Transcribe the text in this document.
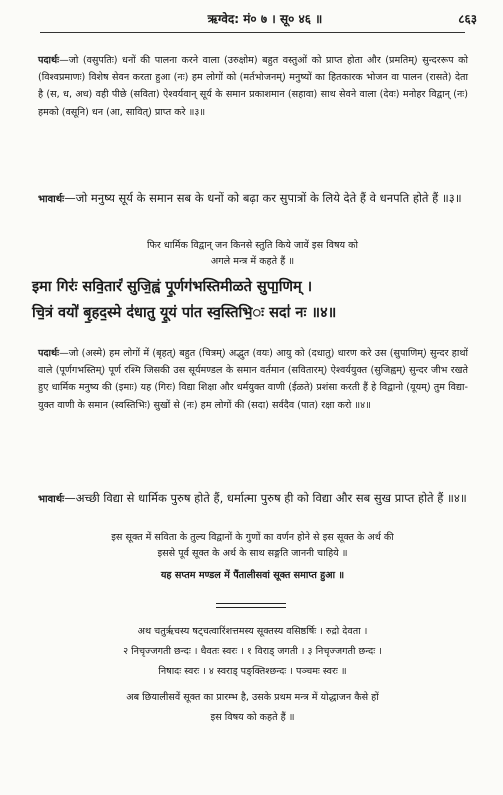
ऋग्वेद: मं० ७ । सू० ४६ ॥	८६३
पदार्थः—जो (वसुपतिः) धनों की पालना करने वाला (उरुक्षोम) बहुत वस्तुओं को प्राप्त होता और (प्रमतिम्) सुन्दररूप को (विश्वप्रमाणः) विशेष सेवन करता हुआ (नः) हम लोगों को (मर्तभोजनम्) मनुष्यों का हितकारक भोजन वा पालन (रासते) देता है (स, ध, अध) वही पीछे (सविता) ऐश्वर्यवान् सूर्य के समान प्रकाशमान (सहावा) साथ सेवने वाला (देवः) मनोहर विद्वान् (नः) हमको (वसूनि) धन (आ, सावित्) प्राप्त करे ॥३॥
भावार्थः—जो मनुष्य सूर्य के समान सब के धनों को बढ़ा कर सुपात्रों के लिये देते हैं वे धनपति होते हैं ॥३॥
फिर धार्मिक विद्वान् जन किनसे स्तुति किये जावें इस विषय को
अगले मन्त्र में कहते हैं ॥
इमा गिरः॑ सवि॒तारं॑ सुजि॒ह्वं पू॒र्णग॑भस्तिमीळते सुपा॒णिम् ।
चि॒त्रं वयो॑ बृ॒हद॒स्मे द॑धातु यू॒यं पा॑त स्व॒स्तिभि॒ः सदा॑ नः ॥४॥
पदार्थः—जो (अस्मे) हम लोगों में (बृहत्) बहुत (चित्रम्) अद्भुत (वयः) आयु को (दधातु) धारण करे उस (सुपाणिम्) सुन्दर हाथों वाले (पूर्णगभस्तिम्) पूर्ण रश्मि जिसकी उस सूर्यमण्डल के समान वर्तमान (सवितारम्) ऐश्वर्ययुक्त (सुजिह्वम्) सुन्दर जीभ रखते हुए धार्मिक मनुष्य की (इमाः) यह (गिरः) विद्या शिक्षा और धर्मयुक्त वाणी (ईळते) प्रशंसा करती हैं हे विद्वानो (यूयम्) तुम विद्या-युक्त वाणी के समान (स्वस्तिभिः) सुखों से (नः) हम लोगों की (सदा) सर्वदैव (पात) रक्षा करो ॥४॥
भावार्थः—अच्छी विद्या से धार्मिक पुरुष होते हैं, धर्मात्मा पुरुष ही को विद्या और सब सुख प्राप्त होते हैं ॥४॥
इस सूक्त में सविता के तुल्य विद्वानों के गुणों का वर्णन होने से इस सूक्त के अर्थ की
इससे पूर्व सूक्त के अर्थ के साथ सङ्गति जाननी चाहिये ॥
यह सप्तम मण्डल में पैंतालीसवां सूक्त समाप्त हुआ ॥
अथ चतुर्ऋचस्य षट्चत्वारिंशत्तमस्य सूक्तस्य वसिष्ठर्षिः । रुद्रो देवता ।
२ निचृज्जगती छन्दः । धैवतः स्वरः । १ विराड् जगती । ३ निचृज्जगती छन्दः ।
निषादः स्वरः । ४ स्वराड् पङ्क्तिश्छन्दः । पञ्चमः स्वरः ॥
अब छियालीसवें सूक्त का प्रारम्भ है, उसके प्रथम मन्त्र में योद्धाजन कैसे हों
इस विषय को कहते हैं ॥
